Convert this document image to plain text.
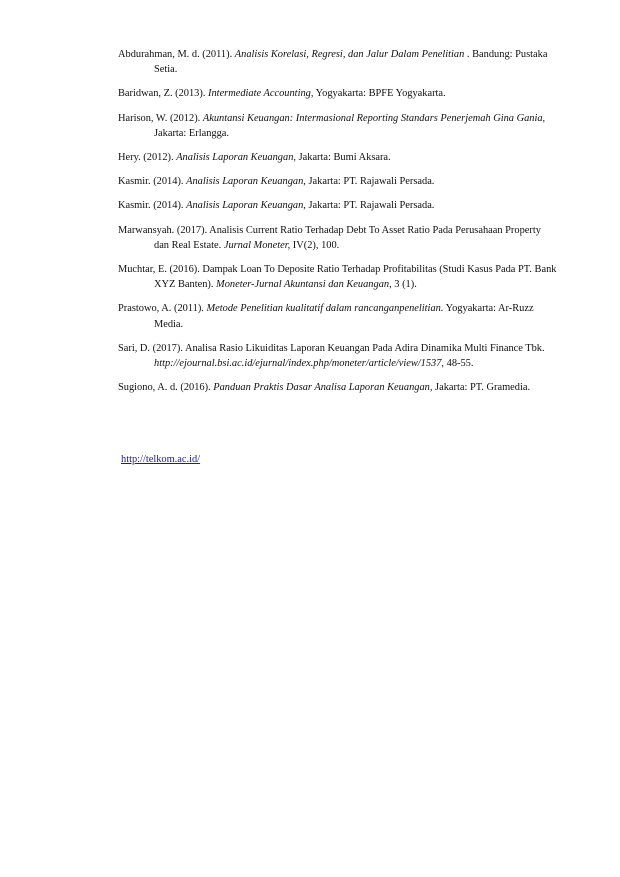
Abdurahman, M. d. (2011). Analisis Korelasi, Regresi, dan Jalur Dalam Penelitian . Bandung: Pustaka Setia.

Baridwan, Z. (2013). Intermediate Accounting, Yogyakarta: BPFE Yogyakarta.

Harison, W. (2012). Akuntansi Keuangan: Intermasional Reporting Standars Penerjemah Gina Gania, Jakarta: Erlangga.

Hery. (2012). Analisis Laporan Keuangan, Jakarta: Bumi Aksara.

Kasmir. (2014). Analisis Laporan Keuangan, Jakarta: PT. Rajawali Persada.

Kasmir. (2014). Analisis Laporan Keuangan, Jakarta: PT. Rajawali Persada.

Marwansyah. (2017). Analisis Current Ratio Terhadap Debt To Asset Ratio Pada Perusahaan Property dan Real Estate. Jurnal Moneter, IV(2), 100.

Muchtar, E. (2016). Dampak Loan To Deposite Ratio Terhadap Profitabilitas (Studi Kasus Pada PT. Bank XYZ Banten). Moneter-Jurnal Akuntansi dan Keuangan, 3 (1).

Prastowo, A. (2011). Metode Penelitian kualitatif dalam rancanganpenelitian. Yogyakarta: Ar-Ruzz Media.

Sari, D. (2017). Analisa Rasio Likuiditas Laporan Keuangan Pada Adira Dinamika Multi Finance Tbk. http://ejournal.bsi.ac.id/ejurnal/index.php/moneter/article/view/1537, 48-55.

Sugiono, A. d. (2016). Panduan Praktis Dasar Analisa Laporan Keuangan, Jakarta: PT. Gramedia.

http://telkom.ac.id/
